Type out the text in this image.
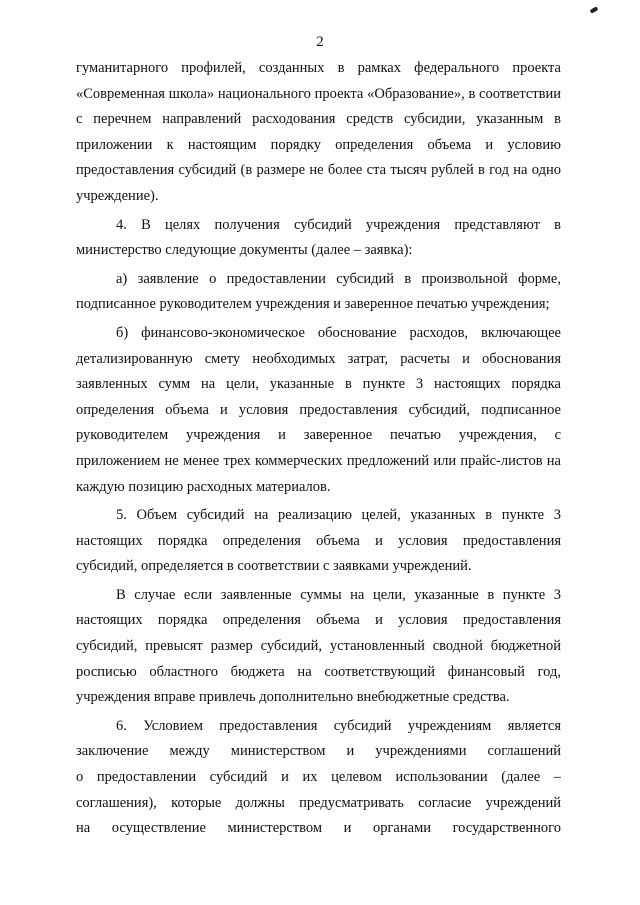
2
гуманитарного профилей, созданных в рамках федерального проекта
«Современная школа» национального проекта «Образование», в соответствии
с перечнем направлений расходования средств субсидии, указанным в
приложении к настоящим порядку определения объема и условию
предоставления субсидий (в размере не более ста тысяч рублей в год на одно
учреждение).
4. В целях получения субсидий учреждения представляют в
министерство следующие документы (далее – заявка):
а) заявление о предоставлении субсидий в произвольной форме,
подписанное руководителем учреждения и заверенное печатью учреждения;
б) финансово-экономическое обоснование расходов, включающее
детализированную смету необходимых затрат, расчеты и обоснования
заявленных сумм на цели, указанные в пункте 3 настоящих порядка
определения объема и условия предоставления субсидий, подписанное
руководителем учреждения и заверенное печатью учреждения, с
приложением не менее трех коммерческих предложений или прайс-листов на
каждую позицию расходных материалов.
5. Объем субсидий на реализацию целей, указанных в пункте 3
настоящих порядка определения объема и условия предоставления
субсидий, определяется в соответствии с заявками учреждений.
В случае если заявленные суммы на цели, указанные в пункте 3
настоящих порядка определения объема и условия предоставления
субсидий, превысят размер субсидий, установленный сводной бюджетной
росписью областного бюджета на соответствующий финансовый год,
учреждения вправе привлечь дополнительно внебюджетные средства.
6. Условием предоставления субсидий учреждениям является
заключение между министерством и учреждениями соглашений
о предоставлении субсидий и их целевом использовании (далее –
соглашения), которые должны предусматривать согласие учреждений
на осуществление министерством и органами государственного
